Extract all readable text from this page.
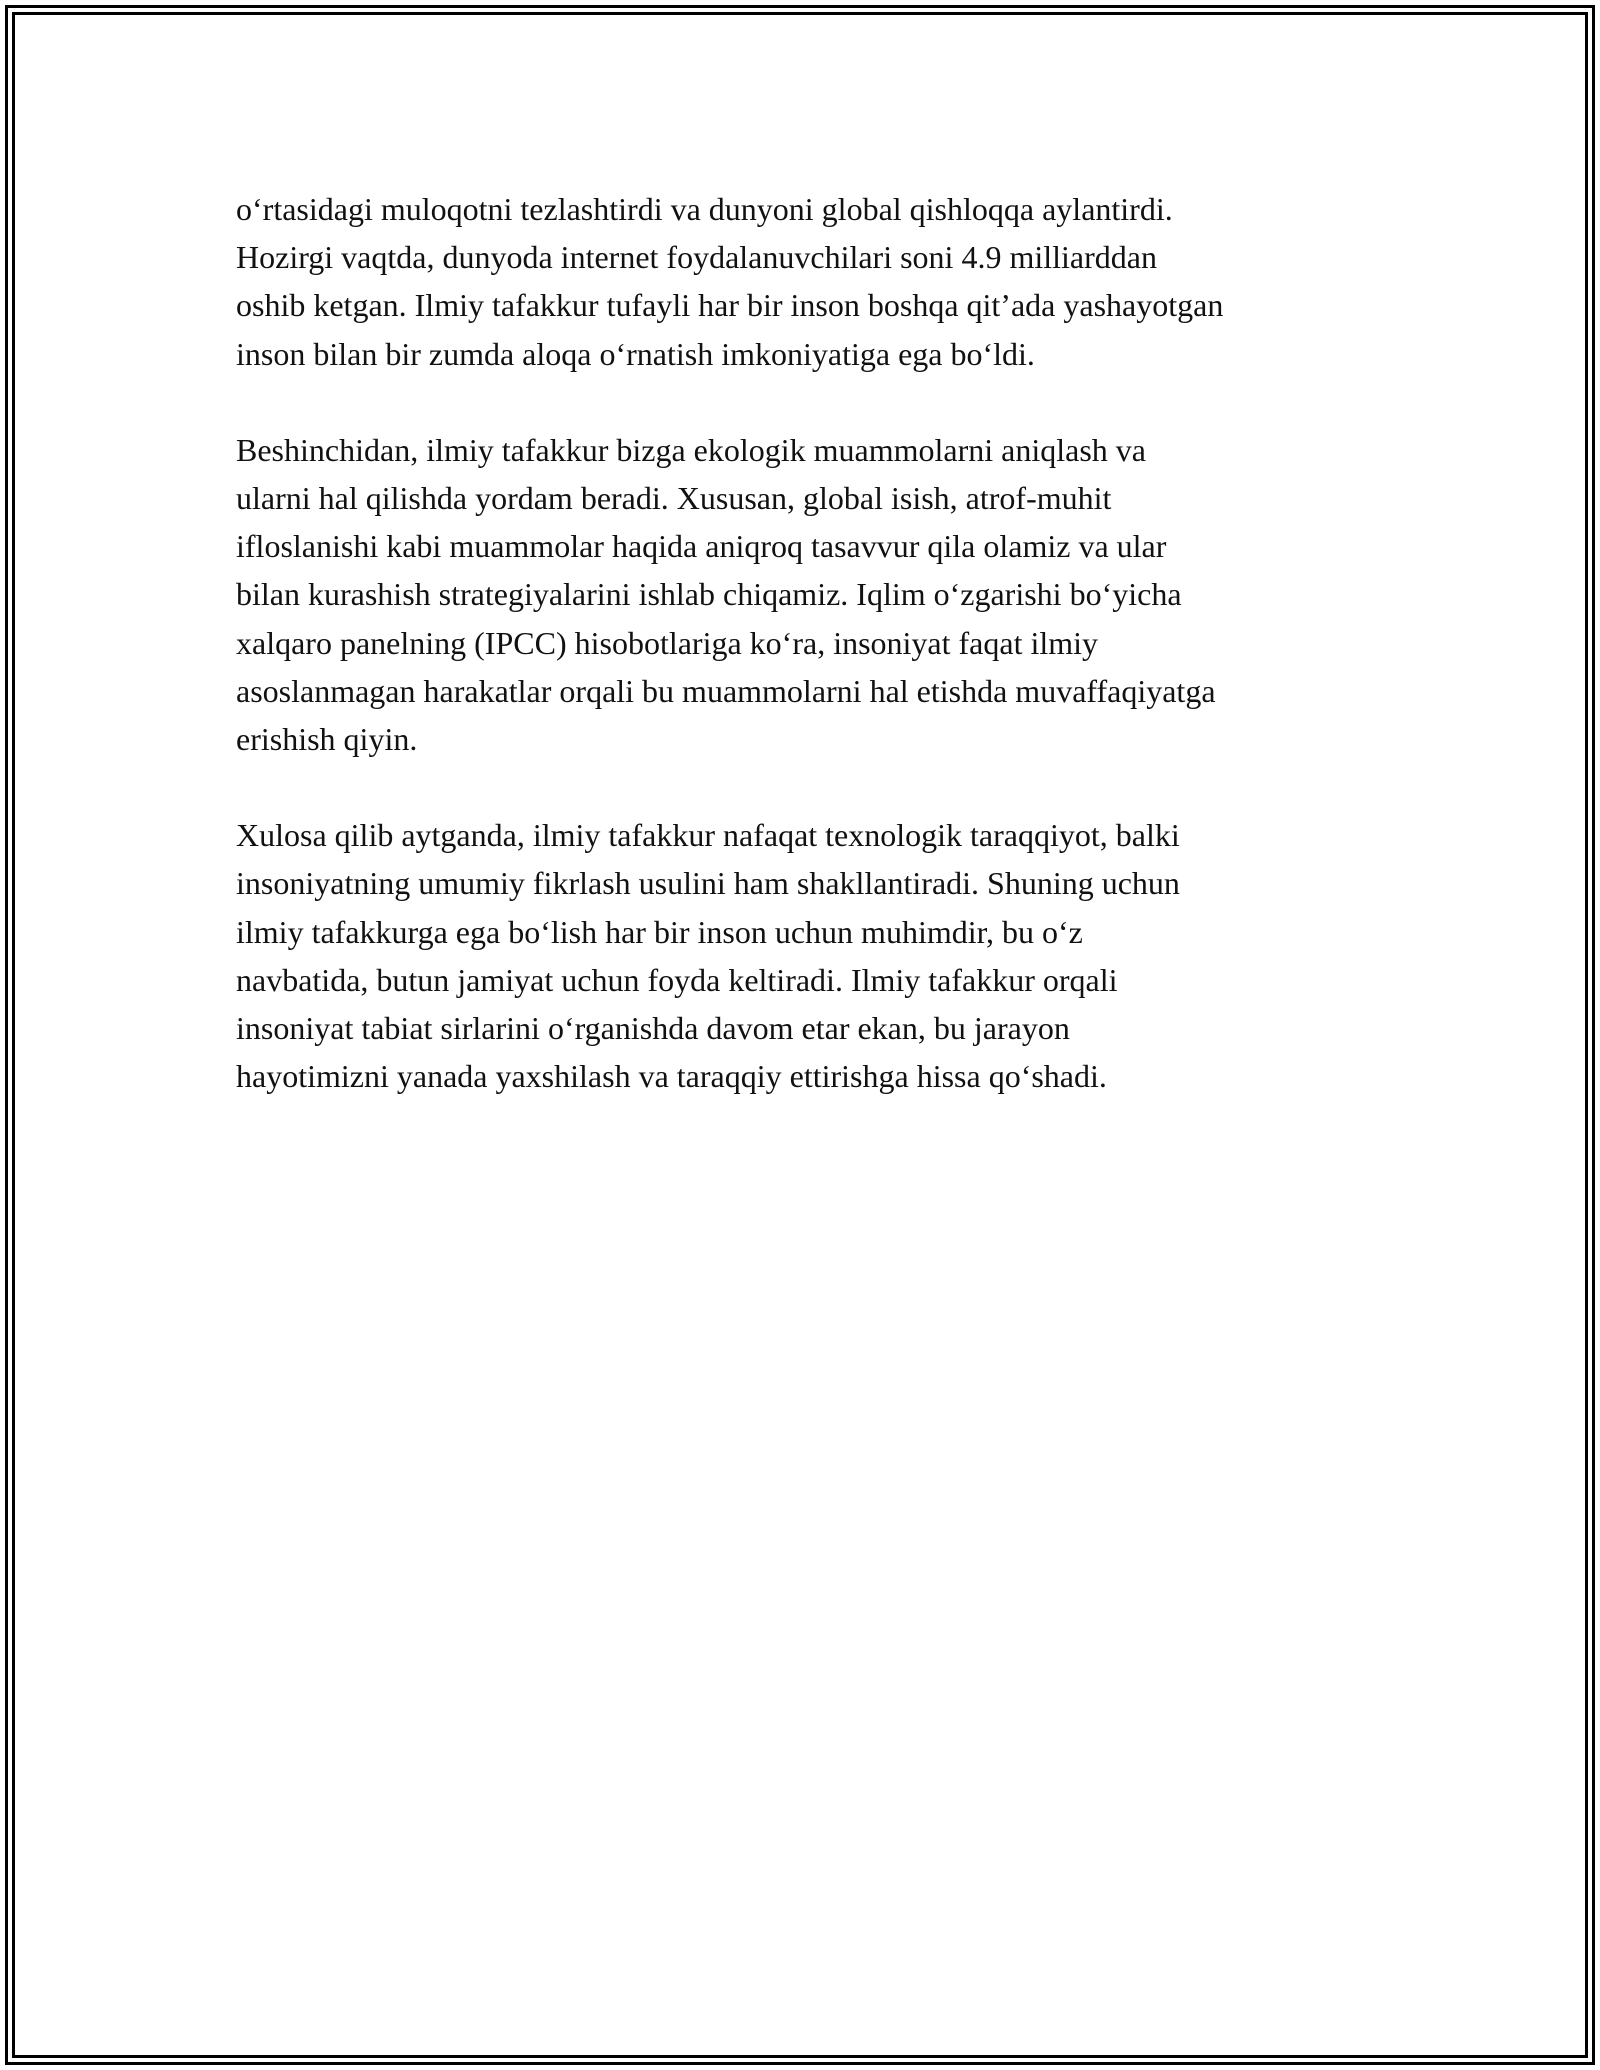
o‘rtasidagi muloqotni tezlashtirdi va dunyoni global qishloqqa aylantirdi.
Hozirgi vaqtda, dunyoda internet foydalanuvchilari soni 4.9 milliarddan
oshib ketgan. Ilmiy tafakkur tufayli har bir inson boshqa qit’ada yashayotgan
inson bilan bir zumda aloqa o‘rnatish imkoniyatiga ega bo‘ldi.

Beshinchidan, ilmiy tafakkur bizga ekologik muammolarni aniqlash va
ularni hal qilishda yordam beradi. Xususan, global isish, atrof-muhit
ifloslanishi kabi muammolar haqida aniqroq tasavvur qila olamiz va ular
bilan kurashish strategiyalarini ishlab chiqamiz. Iqlim o‘zgarishi bo‘yicha
xalqaro panelning (IPCC) hisobotlariga ko‘ra, insoniyat faqat ilmiy
asoslanmagan harakatlar orqali bu muammolarni hal etishda muvaffaqiyatga
erishish qiyin.

Xulosa qilib aytganda, ilmiy tafakkur nafaqat texnologik taraqqiyot, balki
insoniyatning umumiy fikrlash usulini ham shakllantiradi. Shuning uchun
ilmiy tafakkurga ega bo‘lish har bir inson uchun muhimdir, bu o‘z
navbatida, butun jamiyat uchun foyda keltiradi. Ilmiy tafakkur orqali
insoniyat tabiat sirlarini o‘rganishda davom etar ekan, bu jarayon
hayotimizni yanada yaxshilash va taraqqiy ettirishga hissa qo‘shadi.
